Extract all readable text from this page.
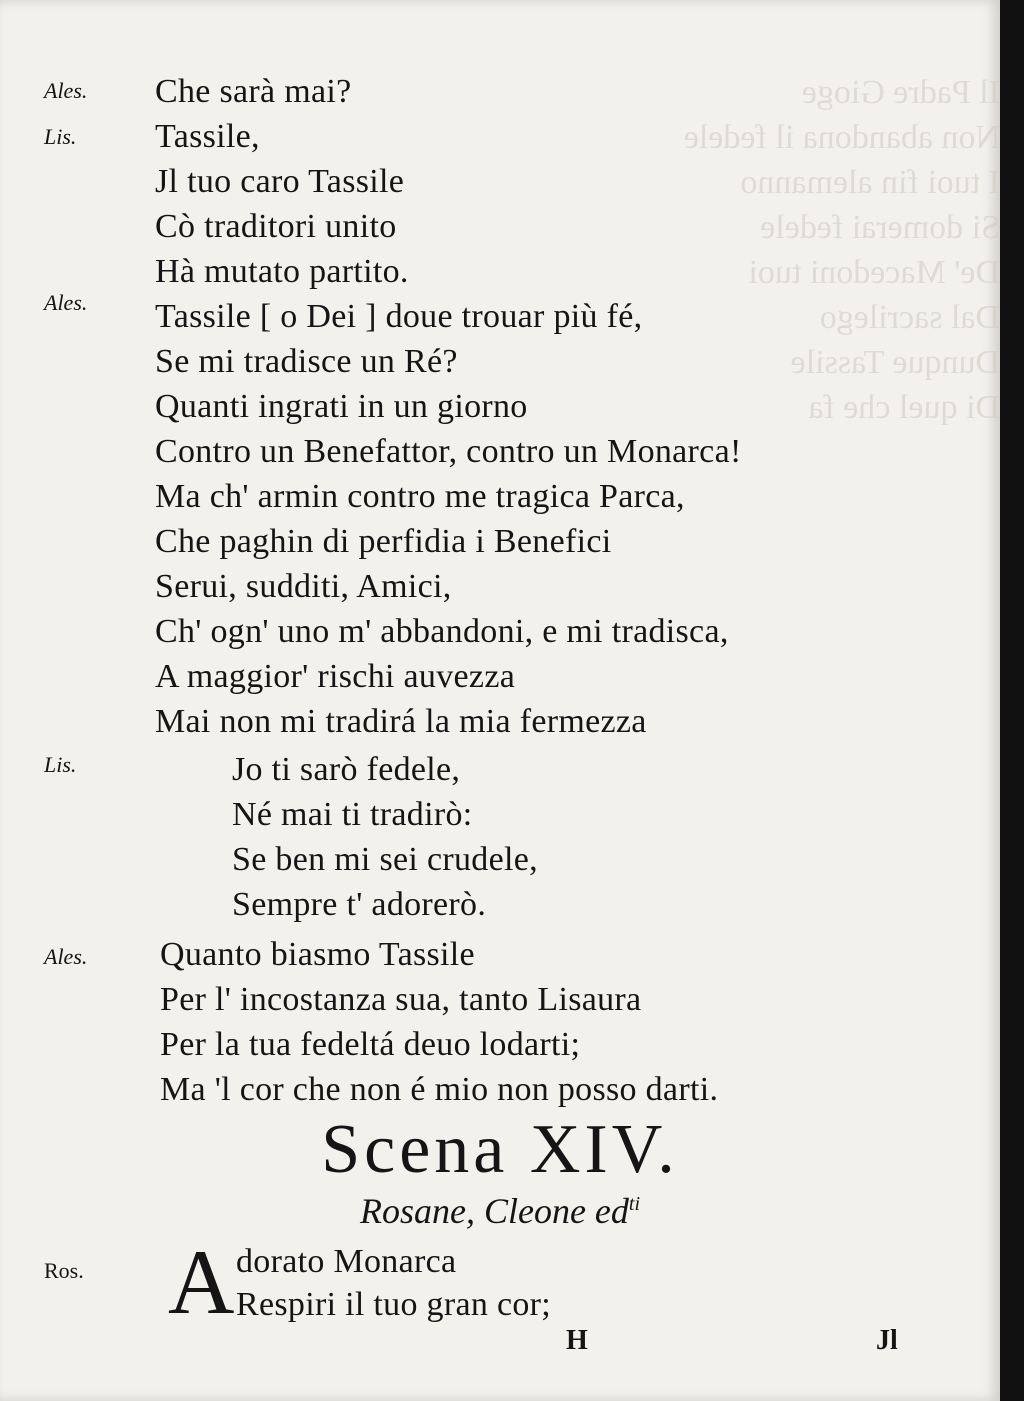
Il Padre Gioge
Non abandona il fedele
I tuoi fin alemanno
Si domerai fedele
De' Macedoni tuoi
Dal sacrilego
Dunque Tassile
Di quel che fa
Ales.
Lis.
Ales.
Lis.
Ales.
Ros.
Che sarà mai?
Tassile,
Jl tuo caro Tassile
Cò traditori unito
Hà mutato partito.
Tassile [ o Dei ] doue trouar più fé,
Se mi tradisce un Ré?
Quanti ingrati in un giorno
Contro un Benefattor, contro un Monarca!
Ma ch' armin contro me tragica Parca,
Che paghin di perfidia i Benefici
Serui, sudditi, Amici,
Ch' ogn' uno m' abbandoni, e mi tradisca,
A maggior' rischi auvezza
Mai non mi tradirá la mia fermezza
Jo ti sarò fedele,
Né mai ti tradirò:
Se ben mi sei crudele,
Sempre t' adorerò.
Quanto biasmo Tassile
Per l' incostanza sua, tanto Lisaura
Per la tua fedeltá deuo lodarti;
Ma 'l cor che non é mio non posso darti.
Scena XIV.
Rosane, Cleone $ed^{ti}$
A dorato Monarca
Respiri il tuo gran cor;
H	Jl
